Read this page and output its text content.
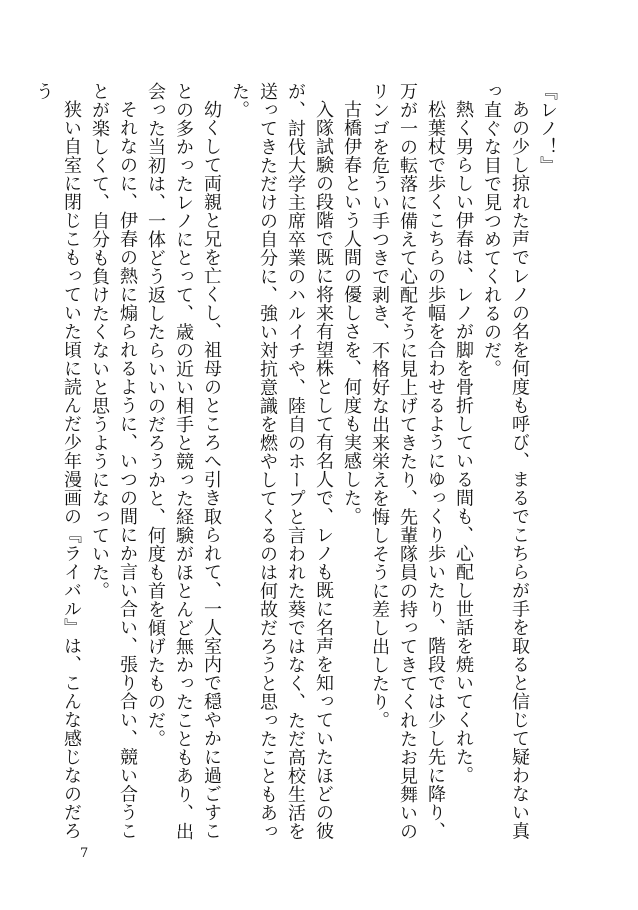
『レノ！』

あの少し掠れた声でレノの名を何度も呼び、まるでこちらが手を取ると信じて疑わない真っ直ぐな目で見つめてくれるのだ。

熱く男らしい伊春は、レノが脚を骨折している間も、心配し世話を焼いてくれた。

松葉杖で歩くこちらの歩幅を合わせるようにゆっくり歩いたり、階段では少し先に降り、万が一の転落に備えて心配そうに見上げてきたり、先輩隊員の持ってきてくれたお見舞いのリンゴを危うい手つきで剥き、不格好な出来栄えを悔しそうに差し出したり。

古橋伊春という人間の優しさを、何度も実感した。

入隊試験の段階で既に将来有望株として有名人で、レノも既に名声を知っていたほどの彼が、討伐大学主席卒業のハルイチや、陸自のホープと言われた葵ではなく、ただ高校生活を送ってきただけの自分に、強い対抗意識を燃やしてくるのは何故だろうと思ったこともあった。

幼くして両親と兄を亡くし、祖母のところへ引き取られて、一人室内で穏やかに過ごすことの多かったレノにとって、歳の近い相手と競った経験がほとんど無かったこともあり、出会った当初は、一体どう返したらいいのだろうかと、何度も首を傾げたものだ。

それなのに、伊春の熱に煽られるように、いつの間にか言い合い、張り合い、競い合うことが楽しくて、自分も負けたくないと思うようになっていた。

狭い自室に閉じこもっていた頃に読んだ少年漫画の『ライバル』は、こんな感じなのだろう

7
